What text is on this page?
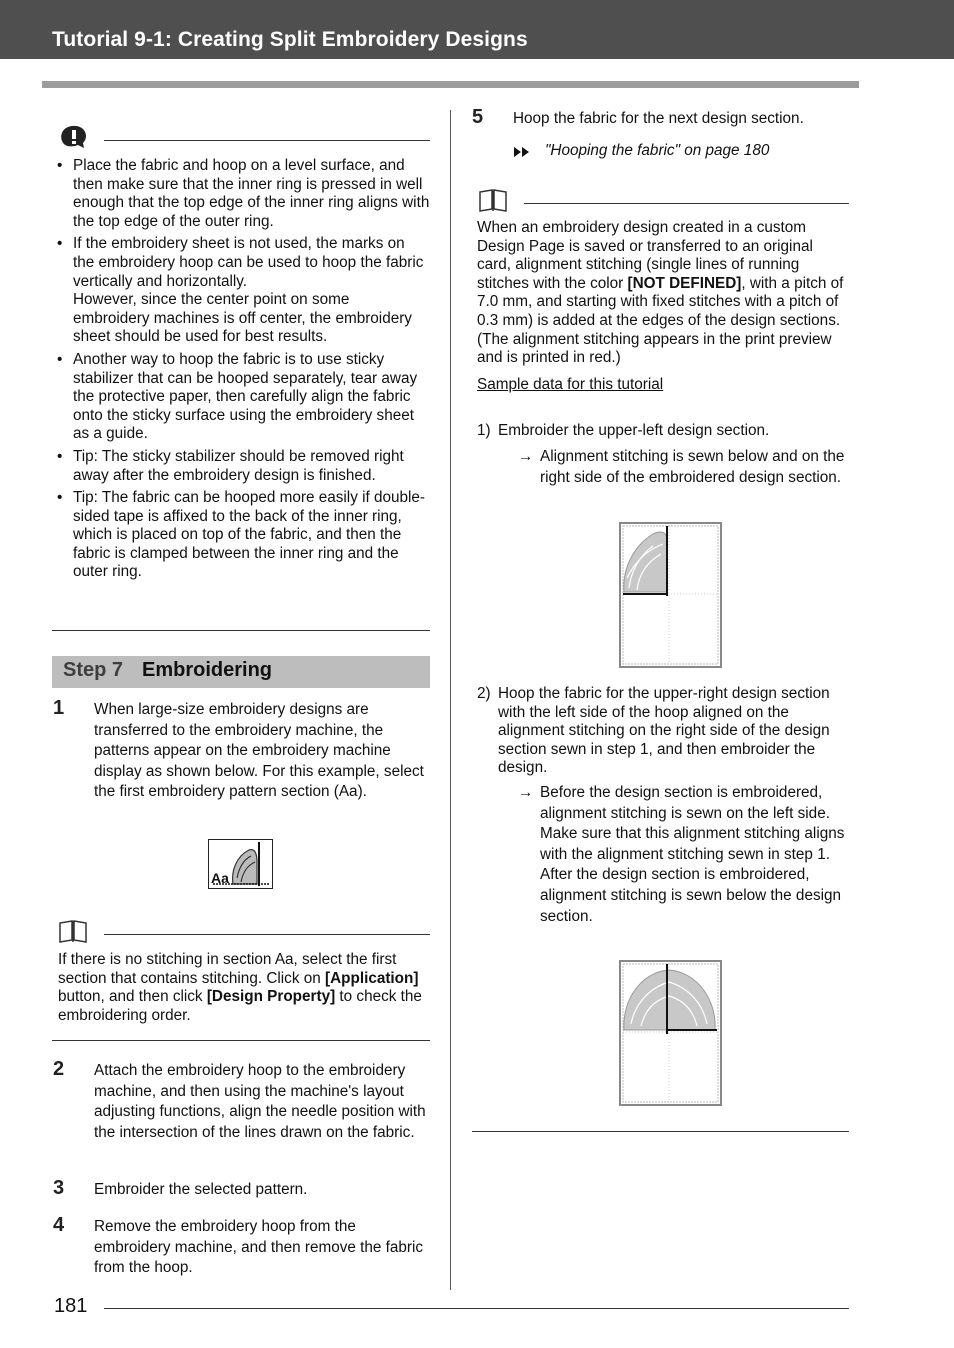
Tutorial 9-1: Creating Split Embroidery Designs
• Place the fabric and hoop on a level surface, and then make sure that the inner ring is pressed in well enough that the top edge of the inner ring aligns with the top edge of the outer ring.
• If the embroidery sheet is not used, the marks on the embroidery hoop can be used to hoop the fabric vertically and horizontally.
However, since the center point on some embroidery machines is off center, the embroidery sheet should be used for best results.
• Another way to hoop the fabric is to use sticky stabilizer that can be hooped separately, tear away the protective paper, then carefully align the fabric onto the sticky surface using the embroidery sheet as a guide.
• Tip: The sticky stabilizer should be removed right away after the embroidery design is finished.
• Tip: The fabric can be hooped more easily if double-sided tape is affixed to the back of the inner ring, which is placed on top of the fabric, and then the fabric is clamped between the inner ring and the outer ring.
Step 7 Embroidering
1 When large-size embroidery designs are transferred to the embroidery machine, the patterns appear on the embroidery machine display as shown below. For this example, select the first embroidery pattern section (Aa).
Aa
If there is no stitching in section Aa, select the first section that contains stitching. Click on [Application] button, and then click [Design Property] to check the embroidering order.
2 Attach the embroidery hoop to the embroidery machine, and then using the machine's layout adjusting functions, align the needle position with the intersection of the lines drawn on the fabric.
3 Embroider the selected pattern.
4 Remove the embroidery hoop from the embroidery machine, and then remove the fabric from the hoop.
181
5 Hoop the fabric for the next design section.
"Hooping the fabric" on page 180
When an embroidery design created in a custom Design Page is saved or transferred to an original card, alignment stitching (single lines of running stitches with the color [NOT DEFINED], with a pitch of 7.0 mm, and starting with fixed stitches with a pitch of 0.3 mm) is added at the edges of the design sections. (The alignment stitching appears in the print preview and is printed in red.)
Sample data for this tutorial
1) Embroider the upper-left design section.
→ Alignment stitching is sewn below and on the right side of the embroidered design section.
2) Hoop the fabric for the upper-right design section with the left side of the hoop aligned on the alignment stitching on the right side of the design section sewn in step 1, and then embroider the design.
→ Before the design section is embroidered, alignment stitching is sewn on the left side. Make sure that this alignment stitching aligns with the alignment stitching sewn in step 1. After the design section is embroidered, alignment stitching is sewn below the design section.
